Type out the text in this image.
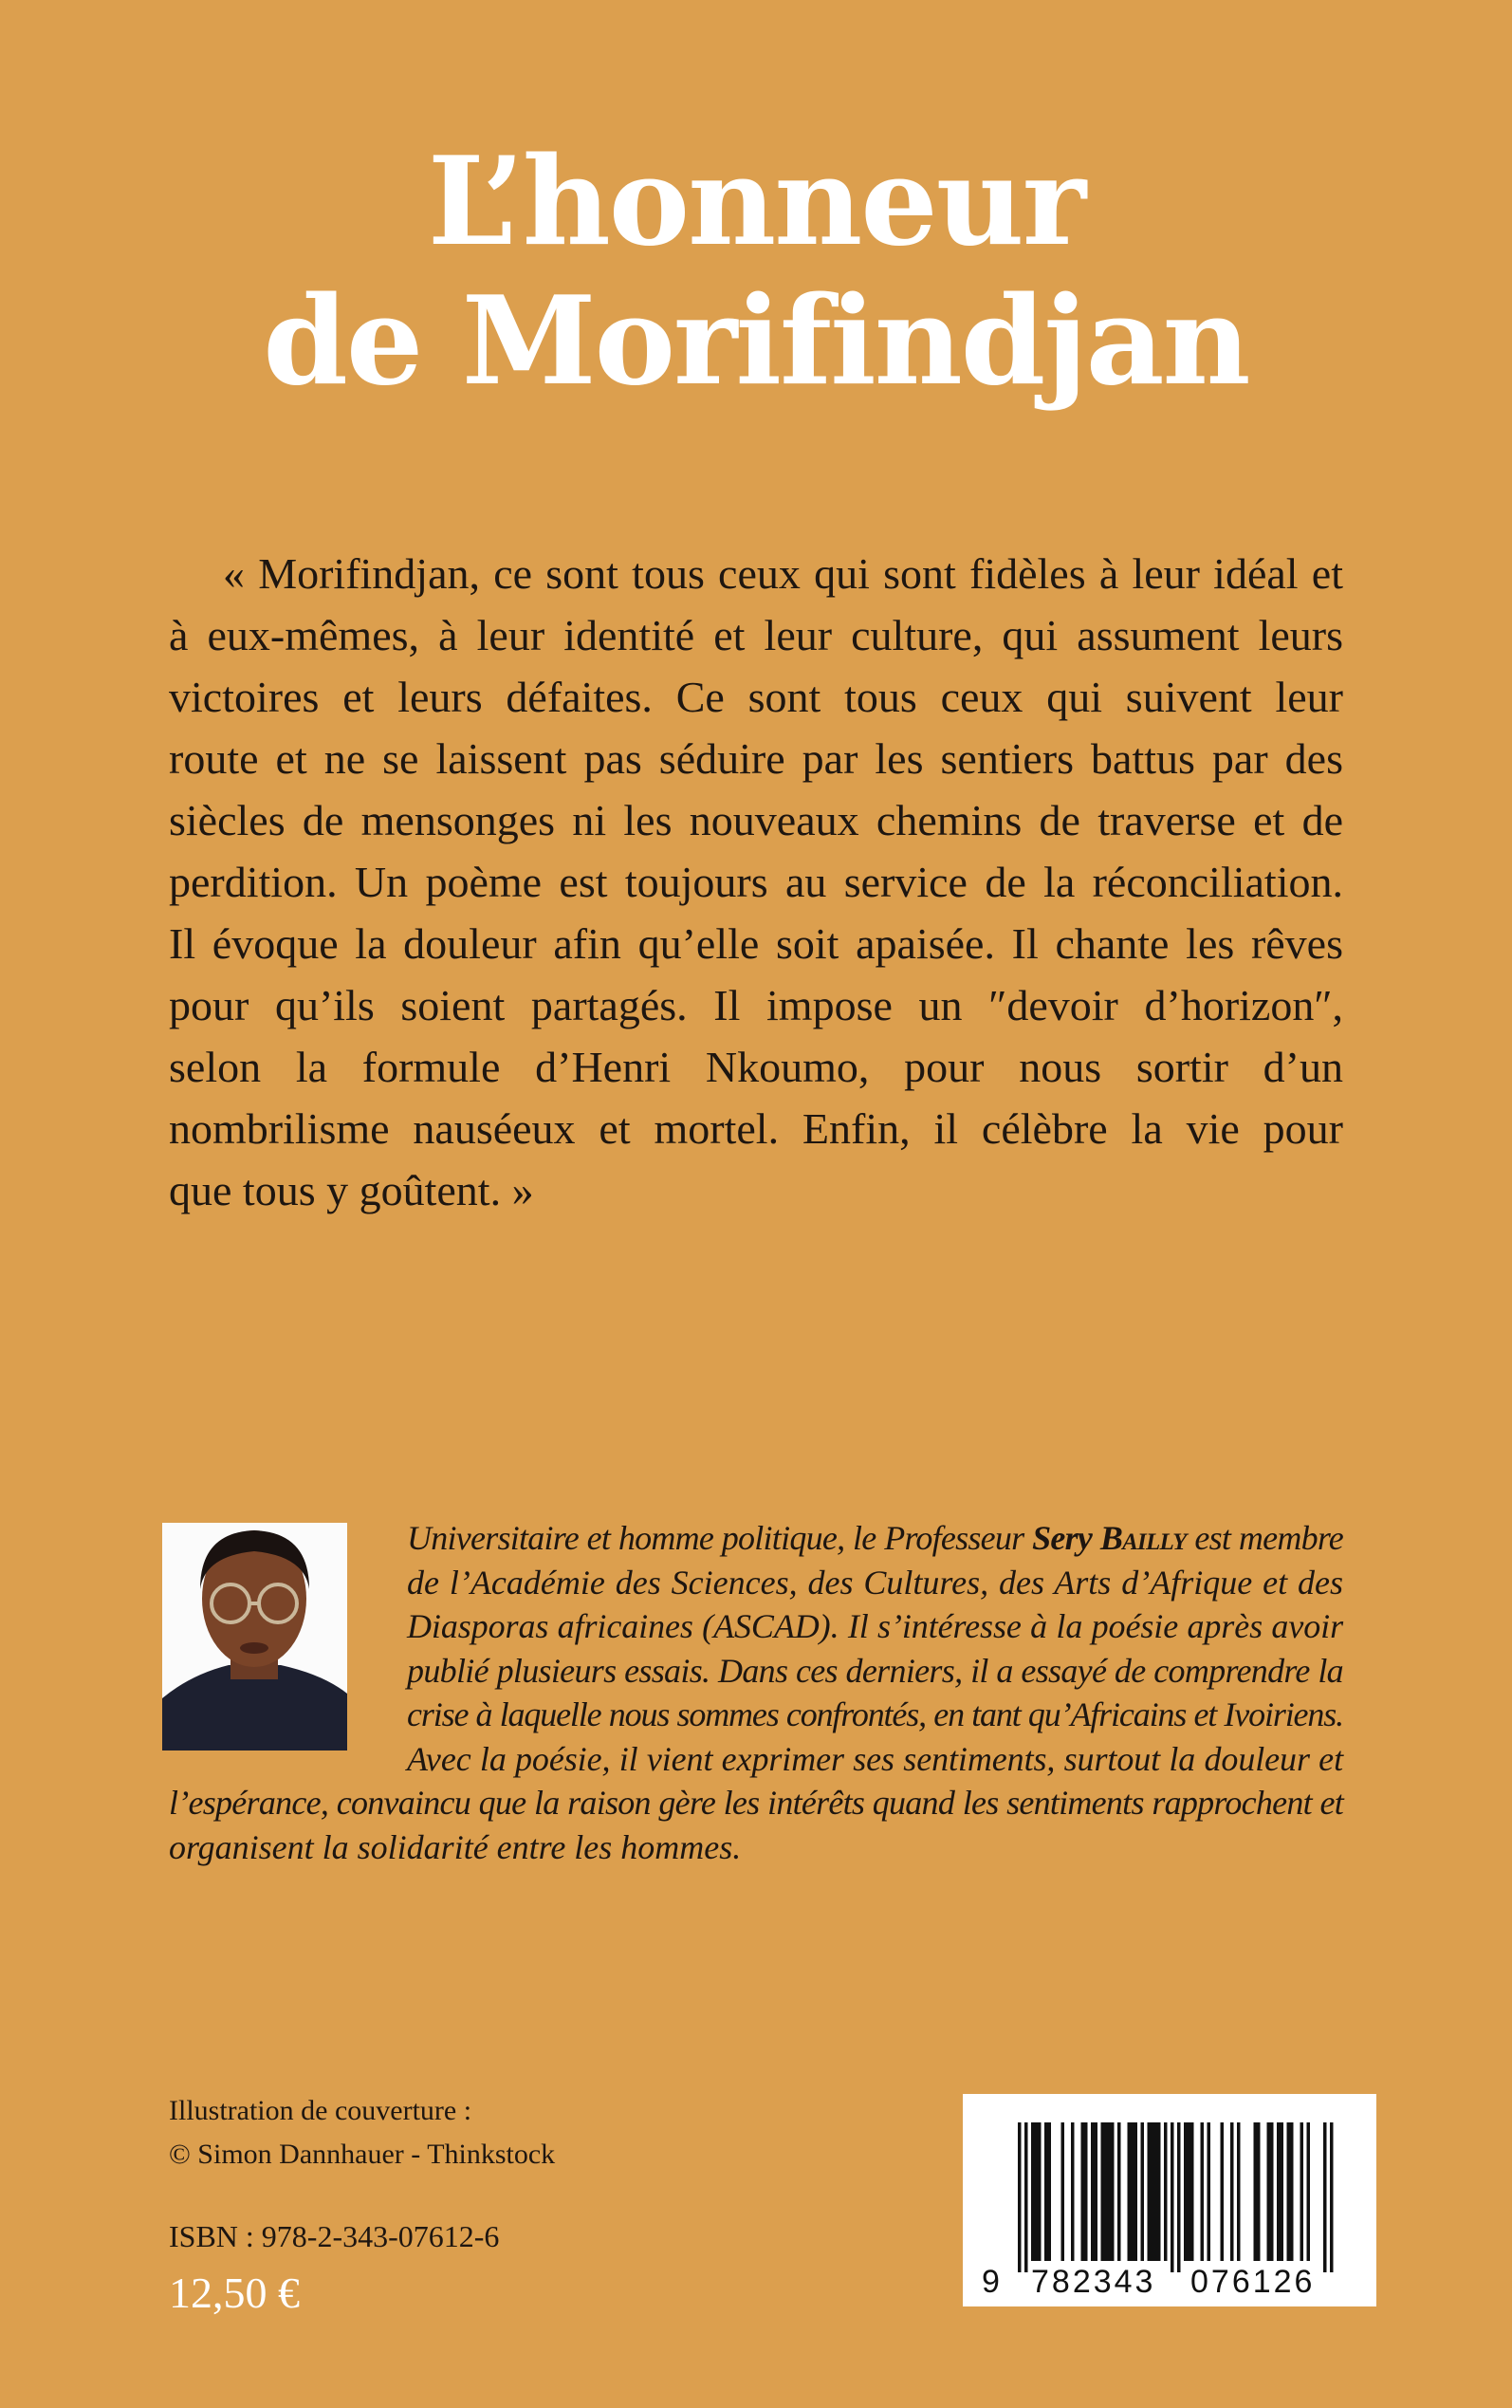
L’honneur
de Morifindjan
« Morifindjan, ce sont tous ceux qui sont fidèles à leur idéal et
à eux-mêmes, à leur identité et leur culture, qui assument leurs
victoires et leurs défaites. Ce sont tous ceux qui suivent leur
route et ne se laissent pas séduire par les sentiers battus par des
siècles de mensonges ni les nouveaux chemins de traverse et de
perdition. Un poème est toujours au service de la réconciliation.
Il évoque la douleur afin qu’elle soit apaisée. Il chante les rêves
pour qu’ils soient partagés. Il impose un ″devoir d’horizon″,
selon la formule d’Henri Nkoumo, pour nous sortir d’un
nombrilisme nauséeux et mortel. Enfin, il célèbre la vie pour
que tous y goûtent. »
Universitaire et homme politique, le Professeur Sery Bailly est membre
de l’Académie des Sciences, des Cultures, des Arts d’Afrique et des
Diasporas africaines (ASCAD). Il s’intéresse à la poésie après avoir
publié plusieurs essais. Dans ces derniers, il a essayé de comprendre la
crise à laquelle nous sommes confrontés, en tant qu’Africains et Ivoiriens.
Avec la poésie, il vient exprimer ses sentiments, surtout la douleur et
l’espérance, convaincu que la raison gère les intérêts quand les sentiments rapprochent et
organisent la solidarité entre les hommes.
Illustration de couverture :
© Simon Dannhauer - Thinkstock
ISBN : 978-2-343-07612-6
12,50 €	9 782343 076126
